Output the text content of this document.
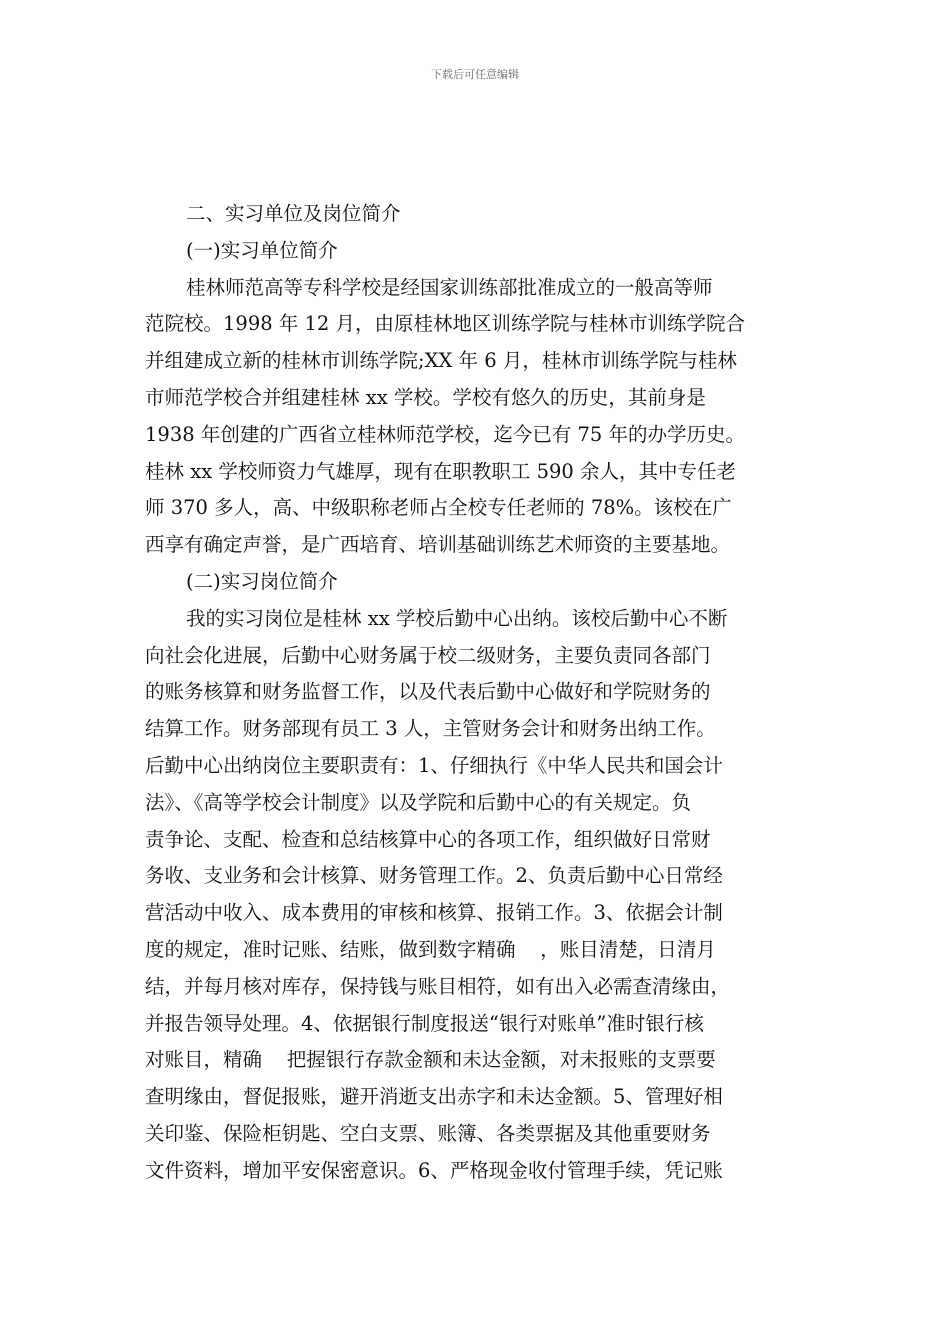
下载后可任意编辑
二、实习单位及岗位简介
(一)实习单位简介
桂林师范高等专科学校是经国家训练部批准成立的一般高等师
范院校。1998 年 12 月，由原桂林地区训练学院与桂林市训练学院合
并组建成立新的桂林市训练学院;XX 年 6 月，桂林市训练学院与桂林
市师范学校合并组建桂林 xx 学校。学校有悠久的历史，其前身是
1938 年创建的广西省立桂林师范学校，迄今已有 75 年的办学历史。
桂林 xx 学校师资力气雄厚，现有在职教职工 590 余人，其中专任老
师 370 多人，高、中级职称老师占全校专任老师的 78%。该校在广
西享有确定声誉，是广西培育、培训基础训练艺术师资的主要基地。
(二)实习岗位简介
我的实习岗位是桂林 xx 学校后勤中心出纳。该校后勤中心不断
向社会化进展，后勤中心财务属于校二级财务，主要负责同各部门
的账务核算和财务监督工作，以及代表后勤中心做好和学院财务的
结算工作。财务部现有员工 3 人，主管财务会计和财务出纳工作。
后勤中心出纳岗位主要职责有：1、仔细执行《中华人民共和国会计
法》、《高等学校会计制度》以及学院和后勤中心的有关规定。负
责争论、支配、检查和总结核算中心的各项工作，组织做好日常财
务收、支业务和会计核算、财务管理工作。2、负责后勤中心日常经
营活动中收入、成本费用的审核和核算、报销工作。3、依据会计制
度的规定，准时记账、结账，做到数字精确    ，账目清楚，日清月
结，并每月核对库存，保持钱与账目相符，如有出入必需查清缘由，
并报告领导处理。4、依据银行制度报送“银行对账单”准时银行核
对账目，精确    把握银行存款金额和未达金额，对未报账的支票要
查明缘由，督促报账，避开消逝支出赤字和未达金额。5、管理好相
关印鉴、保险柜钥匙、空白支票、账簿、各类票据及其他重要财务
文件资料，增加平安保密意识。6、严格现金收付管理手续，凭记账
